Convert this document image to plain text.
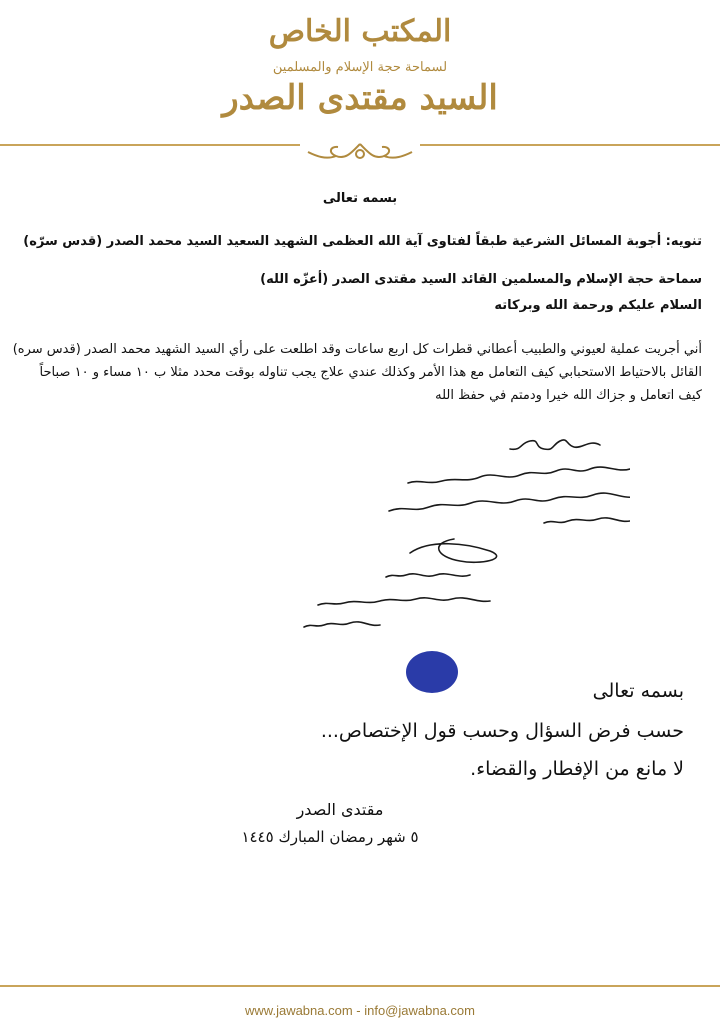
المكتب الخاص
لسماحة حجة الإسلام والمسلمين
السيد مقتدى الصدر
بسمه تعالى
تنويه: أجوبة المسائل الشرعية طبقاً لفتاوى آية الله العظمى الشهيد السعيد السيد محمد الصدر (قدس سرّه)
سماحة حجة الإسلام والمسلمين القائد السيد مقتدى الصدر (أعزّه الله)
السلام عليكم ورحمة الله وبركاته
أني أجريت عملية لعيوني والطبيب أعطاني قطرات كل اربع ساعات وقد اطلعت على رأي السيد الشهيد محمد الصدر (قدس سره) القائل بالاحتياط الاستحبابي كيف التعامل مع هذا الأمر وكذلك عندي علاج يجب تناوله بوقت محدد مثلا ب ١٠ مساء و ١٠ صباحاً كيف اتعامل و جزاك الله خيرا ودمتم في حفظ الله
بسمه تعالى
حسب فرض السؤال وحسب قول الإختصاص...
لا مانع من الإفطار والقضاء.
مقتدى الصدر
٥ شهر رمضان المبارك ١٤٤٥
www.jawabna.com - info@jawabna.com
